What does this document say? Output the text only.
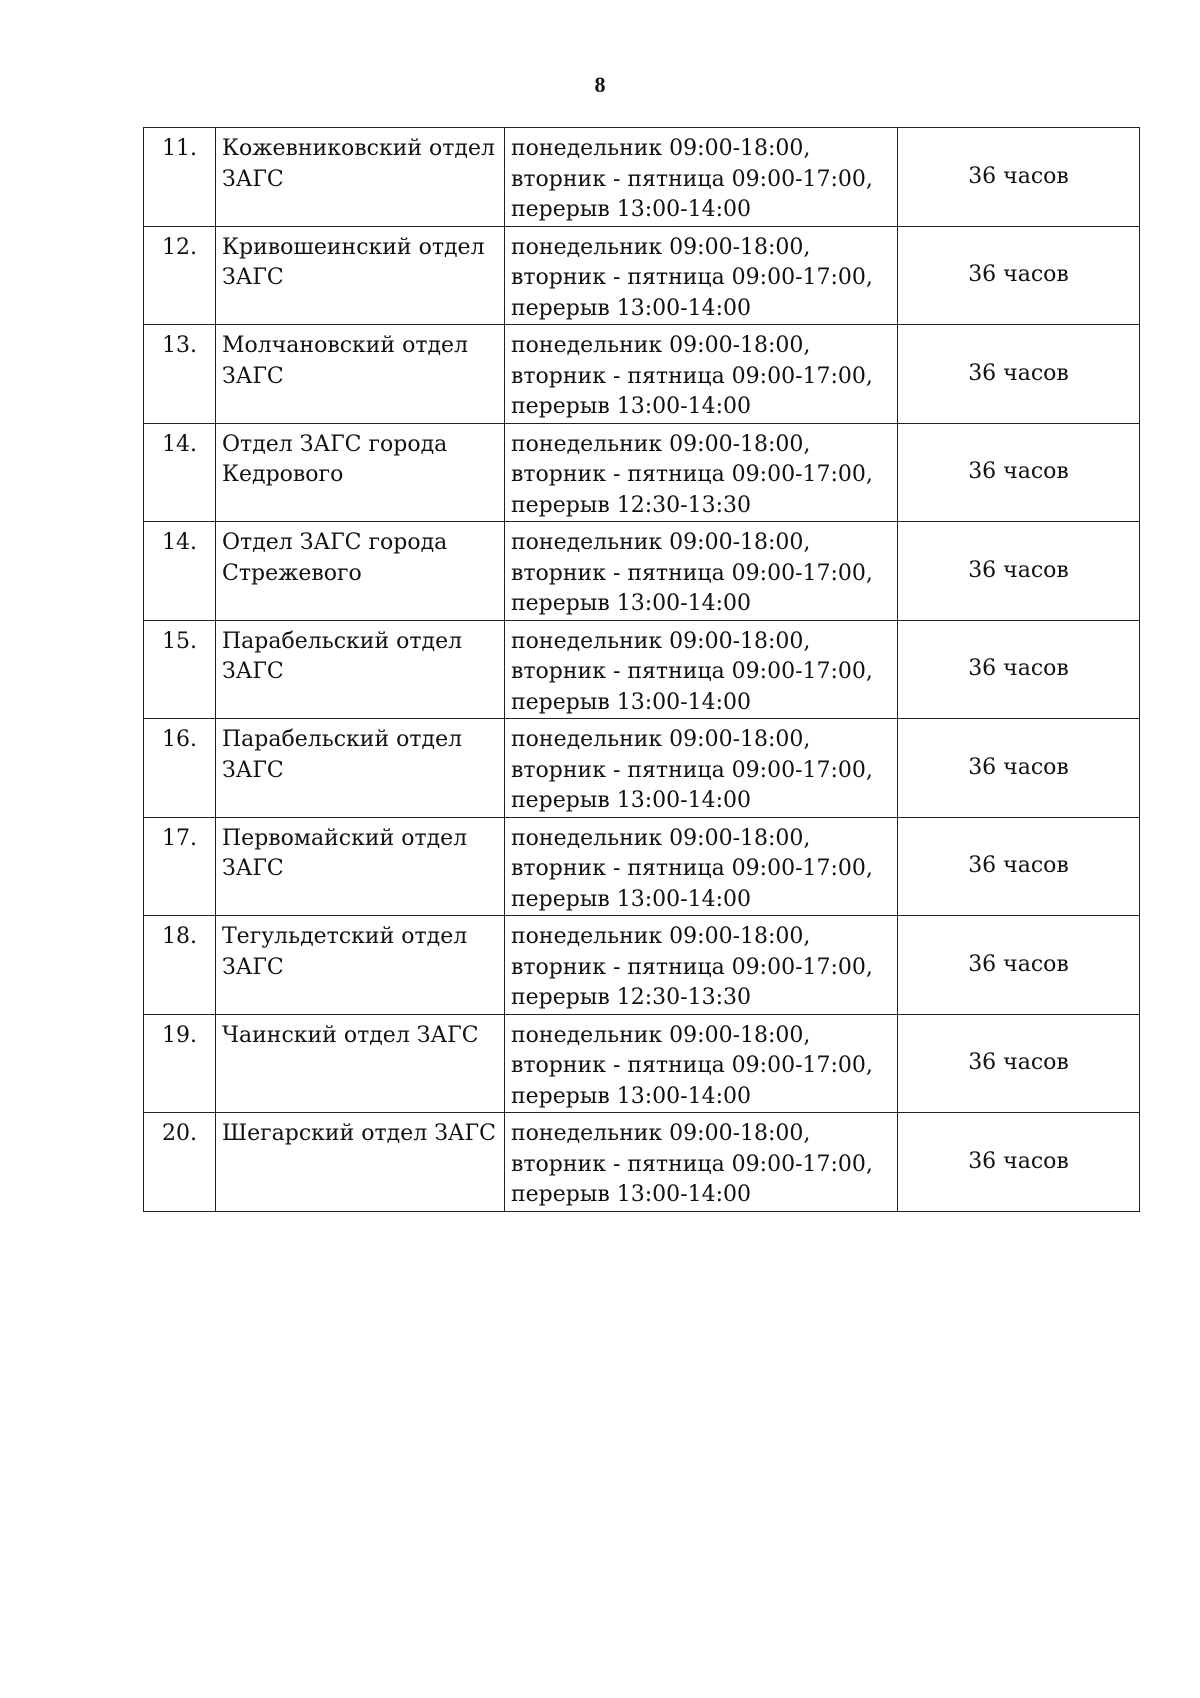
8
11.	Кожевниковский отдел ЗАГС	понедельник 09:00-18:00,
вторник - пятница 09:00-17:00,
перерыв 13:00-14:00	36 часов
12.	Кривошеинский отдел ЗАГС	понедельник 09:00-18:00,
вторник - пятница 09:00-17:00,
перерыв 13:00-14:00	36 часов
13.	Молчановский отдел ЗАГС	понедельник 09:00-18:00,
вторник - пятница 09:00-17:00,
перерыв 13:00-14:00	36 часов
14.	Отдел ЗАГС города Кедрового	понедельник 09:00-18:00,
вторник - пятница 09:00-17:00,
перерыв 12:30-13:30	36 часов
14.	Отдел ЗАГС города Стрежевого	понедельник 09:00-18:00,
вторник - пятница 09:00-17:00,
перерыв 13:00-14:00	36 часов
15.	Парабельский отдел ЗАГС	понедельник 09:00-18:00,
вторник - пятница 09:00-17:00,
перерыв 13:00-14:00	36 часов
16.	Парабельский отдел ЗАГС	понедельник 09:00-18:00,
вторник - пятница 09:00-17:00,
перерыв 13:00-14:00	36 часов
17.	Первомайский отдел ЗАГС	понедельник 09:00-18:00,
вторник - пятница 09:00-17:00,
перерыв 13:00-14:00	36 часов
18.	Тегульдетский отдел ЗАГС	понедельник 09:00-18:00,
вторник - пятница 09:00-17:00,
перерыв 12:30-13:30	36 часов
19.	Чаинский отдел ЗАГС	понедельник 09:00-18:00,
вторник - пятница 09:00-17:00,
перерыв 13:00-14:00	36 часов
20.	Шегарский отдел ЗАГС	понедельник 09:00-18:00,
вторник - пятница 09:00-17:00,
перерыв 13:00-14:00	36 часов
